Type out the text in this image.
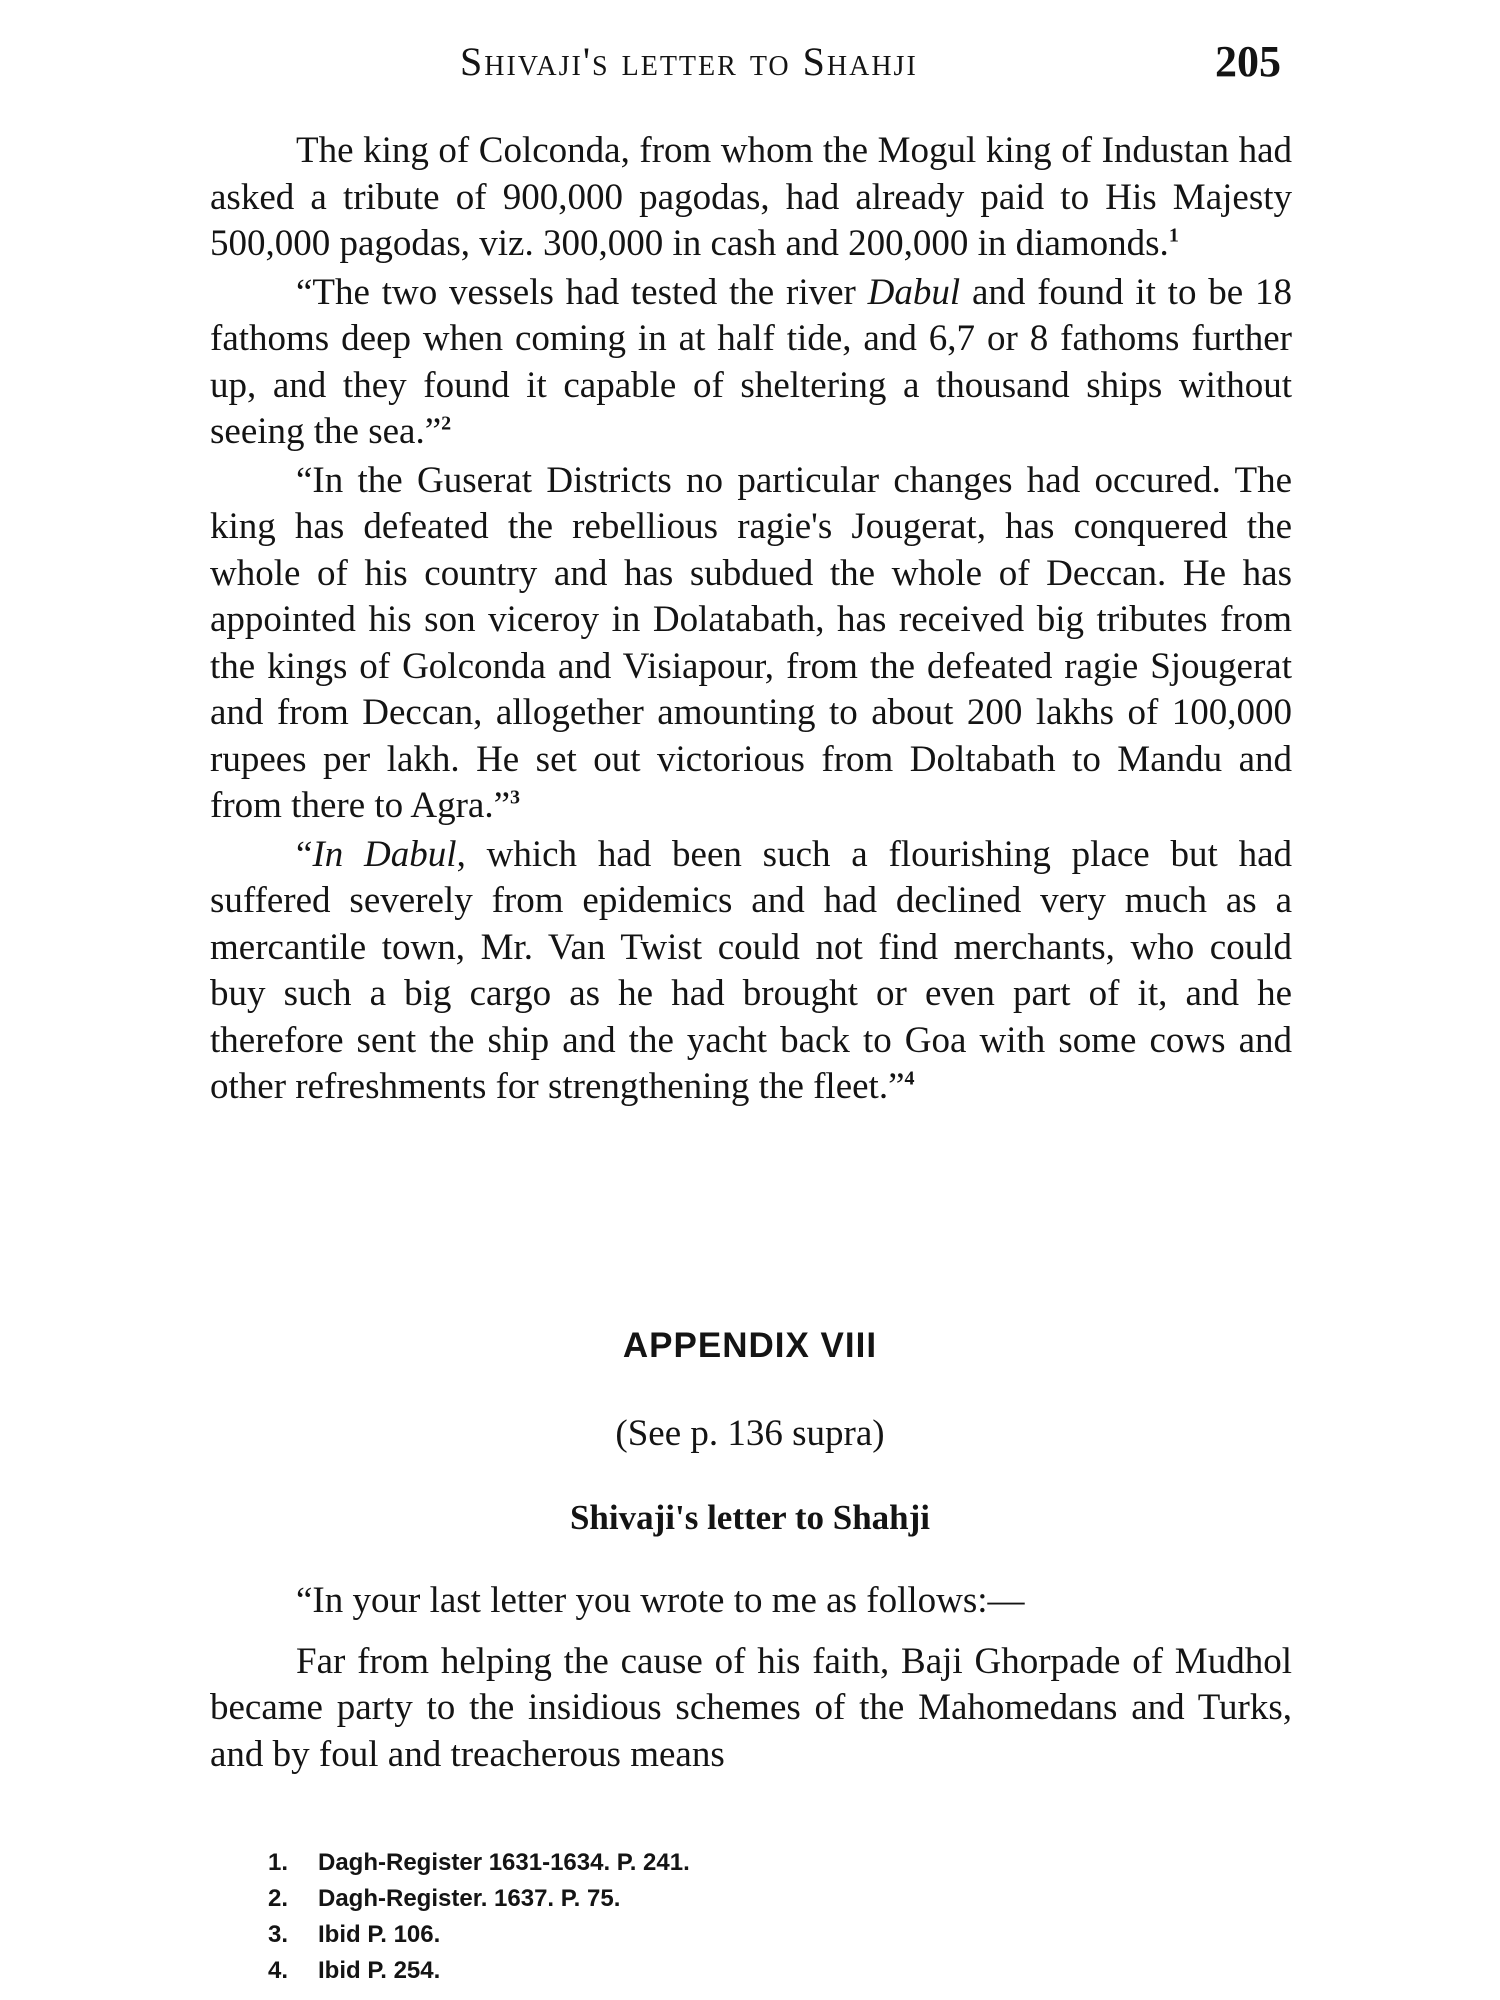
Shivaji's letter to Shahji	205

The king of Colconda, from whom the Mogul king of Industan had asked a tribute of 900,000 pagodas, had already paid to His Majesty 500,000 pagodas, viz. 300,000 in cash and 200,000 in diamonds.$^1$

“The two vessels had tested the river Dabul and found it to be 18 fathoms deep when coming in at half tide, and 6,7 or 8 fathoms further up, and they found it capable of sheltering a thousand ships without seeing the sea.”$^2$

“In the Guserat Districts no particular changes had occured. The king has defeated the rebellious ragie's Jougerat, has conquered the whole of his country and has subdued the whole of Deccan. He has appointed his son viceroy in Dolatabath, has received big tributes from the kings of Golconda and Visiapour, from the defeated ragie Sjougerat and from Deccan, allogether amounting to about 200 lakhs of 100,000 rupees per lakh. He set out victorious from Doltabath to Mandu and from there to Agra.”$^3$

“In Dabul, which had been such a flourishing place but had suffered severely from epidemics and had declined very much as a mercantile town, Mr. Van Twist could not find merchants, who could buy such a big cargo as he had brought or even part of it, and he therefore sent the ship and the yacht back to Goa with some cows and other refreshments for strengthening the fleet.”$^4$

APPENDIX VIII
(See p. 136 supra)
Shivaji's letter to Shahji

“In your last letter you wrote to me as follows:—

Far from helping the cause of his faith, Baji Ghorpade of Mudhol became party to the insidious schemes of the Mahomedans and Turks, and by foul and treacherous means

1.	Dagh-Register 1631-1634. P. 241.
2.	Dagh-Register. 1637. P. 75.
3.	Ibid P. 106.
4.	Ibid P. 254.
